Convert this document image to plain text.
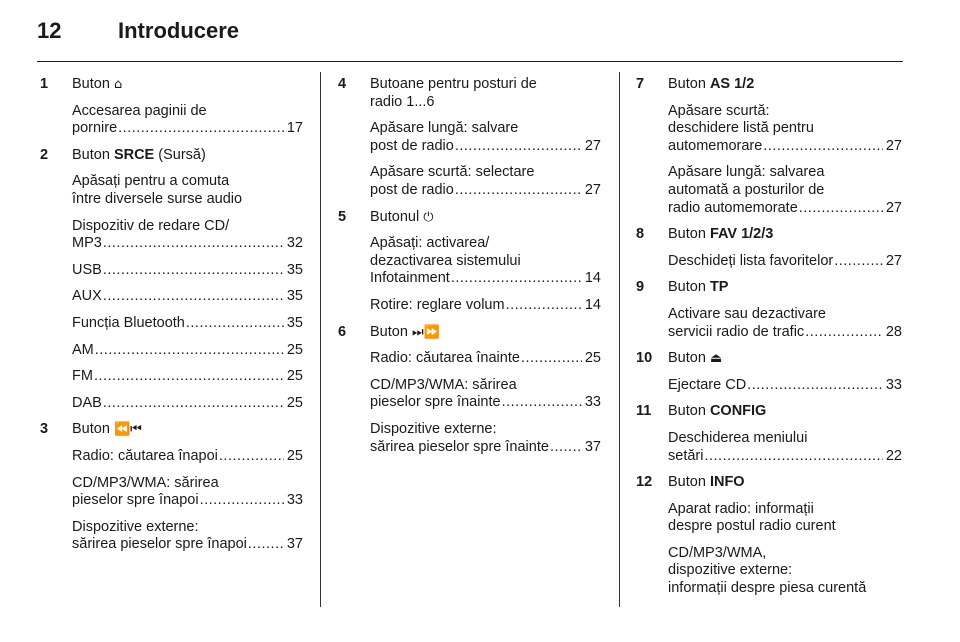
12	Introducere
1 Buton ⌂
Accesarea paginii de
pornire .....	17
2 Buton SRCE (Sursă)
Apăsați pentru a comuta
între diversele surse audio
Dispozitiv de redare CD/
MP3 .....	32
USB .....	35
AUX .....	35
Funcția Bluetooth .....	35
AM .....	25
FM .....	25
DAB .....	25
3 Buton ⏪⏮
Radio: căutarea înapoi .....	25
CD/MP3/WMA: sărirea
pieselor spre înapoi .....	33
Dispozitive externe:
sărirea pieselor spre înapoi .....	37
4 Butoane pentru posturi de
radio 1...6
Apăsare lungă: salvare
post de radio .....	27
Apăsare scurtă: selectare
post de radio .....	27
5 Butonul ⏻
Apăsați: activarea/
dezactivarea sistemului
Infotainment .....	14
Rotire: reglare volum .....	14
6 Buton ⏭⏩
Radio: căutarea înainte .....	25
CD/MP3/WMA: sărirea
pieselor spre înainte .....	33
Dispozitive externe:
sărirea pieselor spre înainte ..... 37
7 Buton AS 1/2
Apăsare scurtă:
deschidere listă pentru
automemorare .....	27
Apăsare lungă: salvarea
automată a posturilor de
radio automemorate .....	27
8 Buton FAV 1/2/3
Deschideți lista favoritelor .....	27
9 Buton TP
Activare sau dezactivare
servicii radio de trafic .....	28
10 Buton ⏏
Ejectare CD .....	33
11 Buton CONFIG
Deschiderea meniului
setări .....	22
12 Buton INFO
Aparat radio: informații
despre postul radio curent
CD/MP3/WMA,
dispozitive externe:
informații despre piesa curentă
